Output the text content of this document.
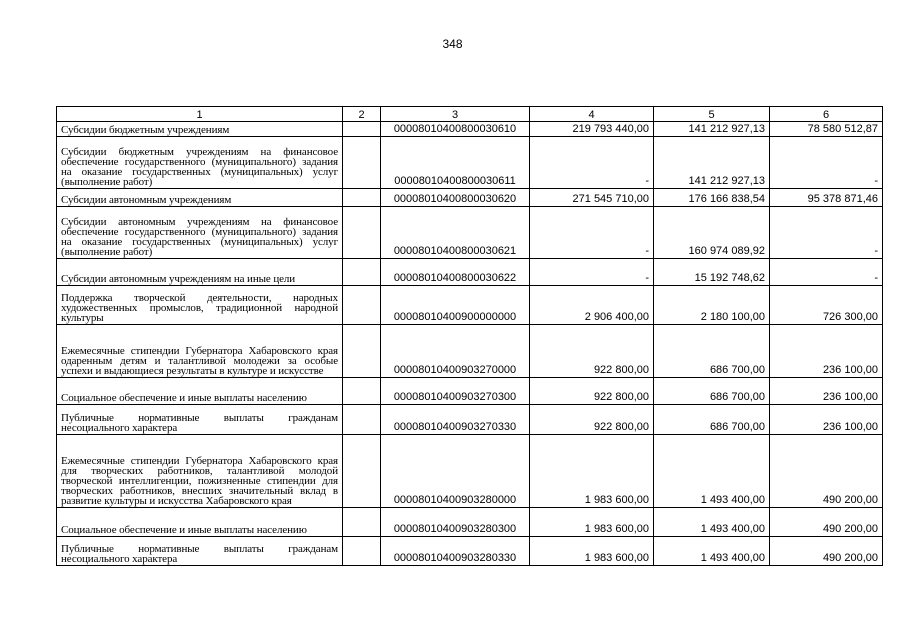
348
1	2	3	4	5	6
Субсидии бюджетным учреждениям		00008010400800030610	219 793 440,00	141 212 927,13	78 580 512,87
Субсидии бюджетным учреждениям на финансовое обеспечение государственного (муниципального) задания на оказание государственных (муниципальных) услуг (выполнение работ)		00008010400800030611	-	141 212 927,13	-
Субсидии автономным учреждениям		00008010400800030620	271 545 710,00	176 166 838,54	95 378 871,46
Субсидии автономным учреждениям на финансовое обеспечение государственного (муниципального) задания на оказание государственных (муниципальных) услуг (выполнение работ)		00008010400800030621	-	160 974 089,92	-
Субсидии автономным учреждениям на иные цели		00008010400800030622	-	15 192 748,62	-
Поддержка творческой деятельности, народных художественных промыслов, традиционной народной культуры		00008010400900000000	2 906 400,00	2 180 100,00	726 300,00
Ежемесячные стипендии Губернатора Хабаровского края одаренным детям и талантливой молодежи за особые успехи и выдающиеся результаты в культуре и искусстве		00008010400903270000	922 800,00	686 700,00	236 100,00
Социальное обеспечение и иные выплаты населению		00008010400903270300	922 800,00	686 700,00	236 100,00
Публичные нормативные выплаты гражданам несоциального характера		00008010400903270330	922 800,00	686 700,00	236 100,00
Ежемесячные стипендии Губернатора Хабаровского края для творческих работников, талантливой молодой творческой интеллигенции, пожизненные стипендии для творческих работников, внесших значительный вклад в развитие культуры и искусства Хабаровского края		00008010400903280000	1 983 600,00	1 493 400,00	490 200,00
Социальное обеспечение и иные выплаты населению		00008010400903280300	1 983 600,00	1 493 400,00	490 200,00
Публичные нормативные выплаты гражданам несоциального характера		00008010400903280330	1 983 600,00	1 493 400,00	490 200,00
